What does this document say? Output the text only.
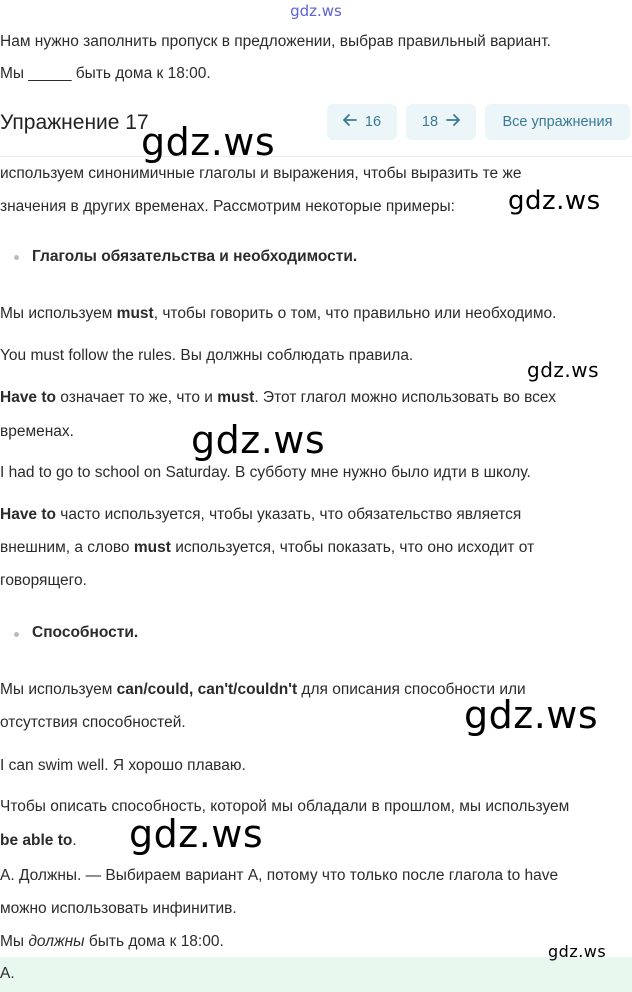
gdz.ws

Нам нужно заполнить пропуск в предложении, выбрав правильный вариант.

Мы _____ быть дома к 18:00.

Упражнение 17	16	18	Все упражнения

используем синонимичные глаголы и выражения, чтобы выразить те же

значения в других временах. Рассмотрим некоторые примеры:

Глаголы обязательства и необходимости.

Мы используем must, чтобы говорить о том, что правильно или необходимо.

You must follow the rules. Вы должны соблюдать правила.

Have to означает то же, что и must. Этот глагол можно использовать во всех

временах.

I had to go to school on Saturday. В субботу мне нужно было идти в школу.

Have to часто используется, чтобы указать, что обязательство является

внешним, а слово must используется, чтобы показать, что оно исходит от

говорящего.

Способности.

Мы используем can/could, can't/couldn't для описания способности или

отсутствия способностей.

I can swim well. Я хорошо плаваю.

Чтобы описать способность, которой мы обладали в прошлом, мы используем

be able to.

A. Должны. — Выбираем вариант А, потому что только после глагола to have

можно использовать инфинитив.

Мы должны быть дома к 18:00.

A.

gdz.ws
gdz.ws
gdz.ws
gdz.ws
gdz.ws
gdz.ws
gdz.ws
